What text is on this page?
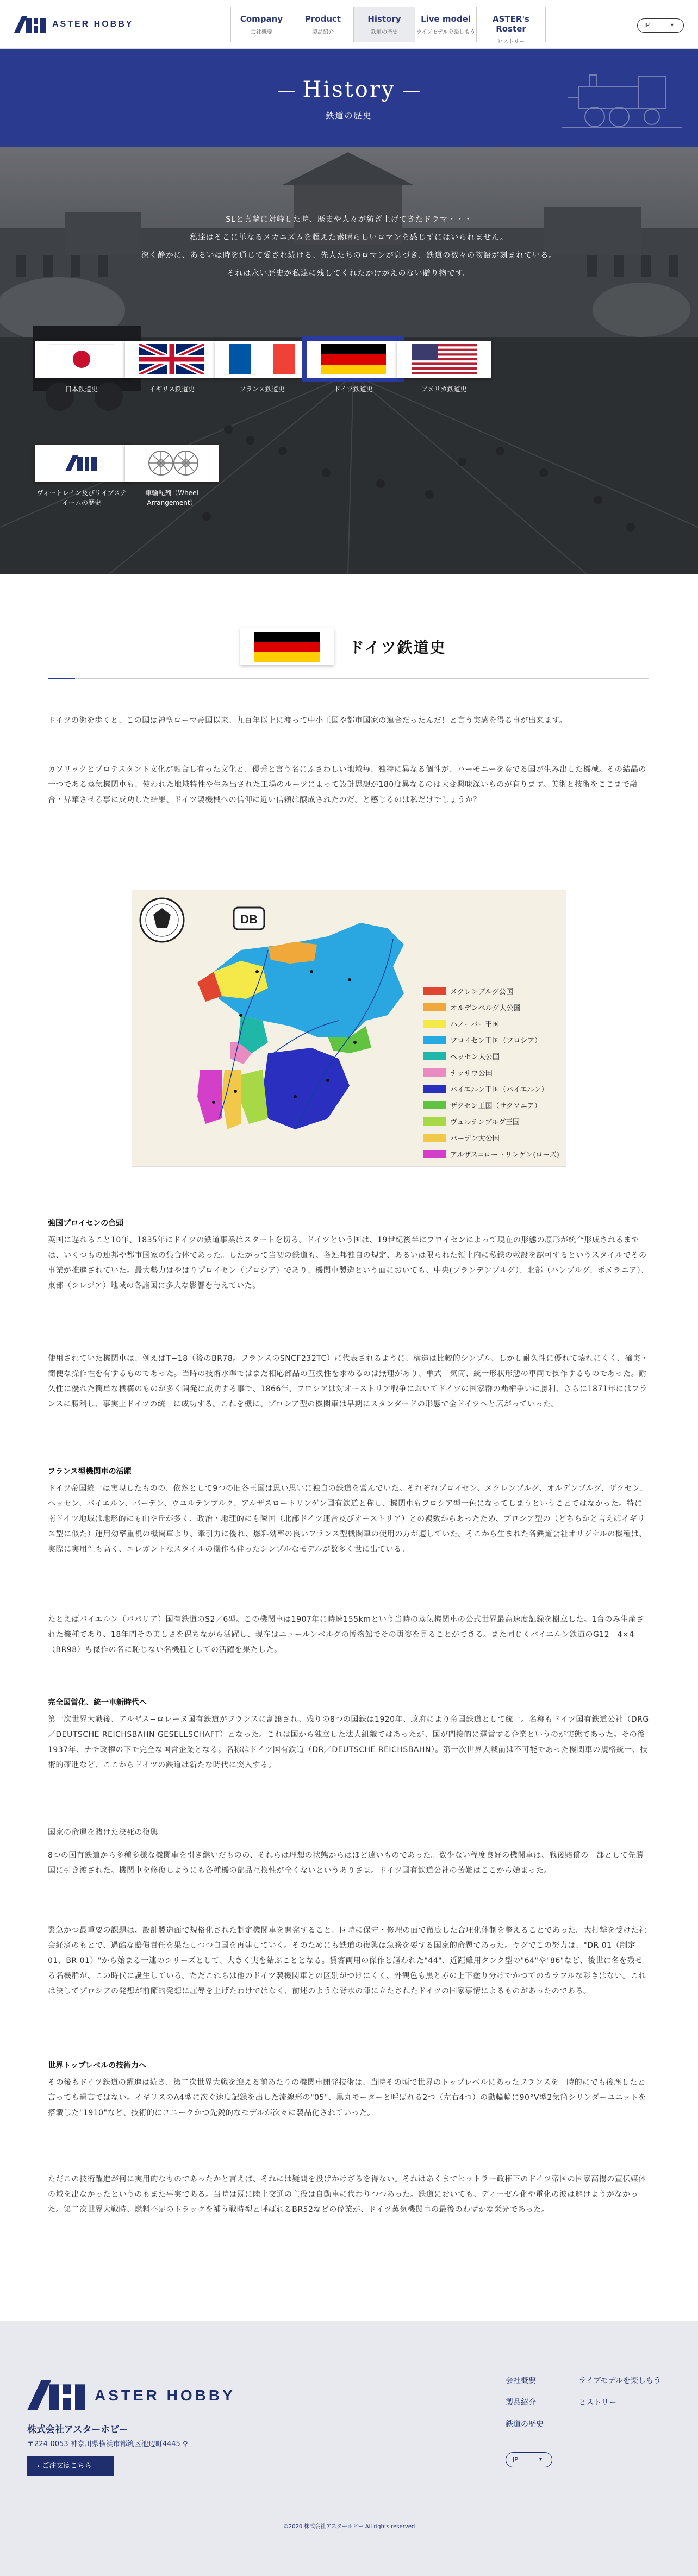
ASTER HOBBY
Company
会社概要
Product
製品紹介
History
鉄道の歴史
Live model
ライブモデルを楽しもう
ASTER's Roster
ヒストリー
JP ▾
History
鉄道の歴史
SLと真摯に対峙した時、歴史や人々が紡ぎ上げてきたドラマ・・・
私達はそこに単なるメカニズムを超えた素晴らしいロマンを感じずにはいられません。
深く静かに、あるいは時を通じて愛され続ける、先人たちのロマンが息づき、鉄道の数々の物語が刻まれている。
それは永い歴史が私達に残してくれたかけがえのない贈り物です。
日本鉄道史	イギリス鉄道史	フランス鉄道史	ドイツ鉄道史	アメリカ鉄道史
ヴィートレイン及びリイブステイームの歴史
車輪配列（Wheel Arrangement）
ドイツ鉄道史
ドイツの街を歩くと、この国は神聖ローマ帝国以来、九百年以上に渡って中小王国や都市国家の連合だったんだ！と言う実感を得る事が出来ます。
カソリックとプロテスタント文化が融合し有った文化と、優秀と言う名にふさわしい地域毎、独特に異なる個性が、ハーモニーを奏でる国が生み出した機械。その結晶の一つである蒸気機関車も、使われた地域特性や生み出された工場のルーツによって設計思想が180度異なるのは大変興味深いものが有ります。美術と技術をここまで融合・昇華させる事に成功した結果、ドイツ製機械への信仰に近い信頼は醸成されたのだ。と感じるのは私だけでしょうか？
DB
メクレンブルグ公国
オルデンベルグ大公国
ハノーバー王国
プロイセン王国（プロシア）
ヘッセン大公国
ナッサウ公国
バイエルン王国（バイエルン）
ザクセン王国（サクソニア）
ヴュルテンブルグ王国
バーデン大公国
アルザス=ロートリンゲン(ローズ)
強国プロイセンの台頭
英国に遅れること10年、1835年にドイツの鉄道事業はスタートを切る。ドイツという国は、19世紀後半にプロイセンによって現在の形態の原形が統合形成されるまでは、いくつもの連邦や都市国家の集合体であった。したがって当初の鉄道も、各連邦独自の規定、あるいは限られた領土内に私鉄の敷設を認可するというスタイルでその事業が推進されていた。最大勢力はやはりプロイセン（プロシア）であり、機関車製造という面においても、中央(ブランデンブルグ）、北部（ハンブルグ、ポメラニア）、東部（シレジア）地域の各諸国に多大な影響を与えていた。
使用されていた機関車は、例えばT−18（後のBR78。フランスのSNCF232TC）に代表されるように、構造は比較的シンプル、しかし耐久性に優れて壊れにくく、確実・簡便な操作性を有するものであった。当時の技術水準ではまだ相応部品の互換性を求めるのは無理があり、単式二気筒、統一形状形態の車両で操作するものであった。耐久性に優れた簡単な機構のものが多く開発に成功する事で、1866年、プロシアは対オーストリア戦争においてドイツの国家群の覇権争いに勝利、さらに1871年にはフランスに勝利し、事実上ドイツの統一に成功する。これを機に、プロシア型の機関車は早期にスタンダードの形態で全ドイツへと広がっていった。
フランス型機関車の活躍
ドイツ帝国統一は実現したものの、依然として9つの旧各王国は思い思いに独自の鉄道を営んでいた。それぞれプロイセン、メクレンブルグ、オルデンブルグ、ザクセン、ヘッセン、バイエルン、バーデン、ウユルテンブルク、アルザスロートリンゲン国有鉄道と称し、機関車もフロシア型一色になってしまうということではなかった。特に南ドイツ地域は地形的にも山や丘が多く、政治・地理的にも隣国（北部ドイツ連合及びオーストリア）との複数からあったため、プロシア型の（どちらかと言えばイギリス型に似た）運用効率重視の機関車より、牽引力に優れ、燃料効率の良いフランス型機関車の使用の方が適していた。そこから生まれた各鉄道会社オリジナルの機種は、実際に実用性も高く、エレガントなスタイルの操作も伴ったシンプルなモデルが数多く世に出ている。
たとえばバイエルン（バパリア）国有鉄道のS2／6型。この機関車は1907年に時速155kmという当時の蒸気機関車の公式世界最高速度記録を樹立した。1台のみ生産された機種であり、18年間その美しさを保ちながら活躍し、現在はニュールンベルグの博物館でその勇姿を見ることができる。また同じくバイエルン鉄道のG12　4×4（BR98）も傑作の名に恥じない名機種としての活躍を果たした。
完全国営化、統一車新時代へ
第一次世界大戦後、アルザス−ロレーヌ国有鉄道がフランスに割譲され、残りの8つの国鉄は1920年、政府により帝国鉄道として統一。名称もドイツ国有鉄道公社（DRG／DEUTSCHE REICHSBAHN GESELLSCHAFT）となった。これは国から独立した法人組織ではあったが、国が間接的に運営する企業というのが実態であった。その後1937年、ナチ政権の下で完全な国営企業となる。名称はドイツ国有鉄道（DR／DEUTSCHE REICHSBAHN）。第一次世界大戦前は不可能であった機関車の規格統一、技術的確進など、ここからドイツの鉄道は新たな時代に突入する。
国家の命運を賭けた決死の復興
8つの国有鉄道から多種多様な機関車を引き継いだものの、それらは理想の状態からはほど遠いものであった。数少ない程度良好の機関車は、戦後賠償の一部として先勝国に引き渡された。機関車を修復しようにも各種機の部品互換性が全くないというありさま。ドイツ国有鉄道公社の苦難はここから始まった。
緊急かつ最重要の課題は、設計製造面で規格化された制定機関車を開発すること。同時に保守・修理の面で徹底した合理化体制を整えることであった。大打撃を受けた社会経済のもとで、過酷な賠償責任を果たしつつ自国を再建していく。そのためにも鉄道の復興は急務を要する国家的命題であった。ヤグでこの努力は、"DR 01（制定01、BR 01）"から始まる一連のシリーズとして、大きく実を結ぶこととなる。賃客両用の傑作と謳われた"44"、近距離用タンク型の"64"や"86"など、後世に名を残せる名機群が、この時代に誕生している。ただこれらは他のドイツ製機関車との区別がつけにくく、外観色も黒と赤の上下塗り分けでかつてのカラフルな彩きはない。これは決してプロシアの発想が前節的発想に屈辱を上げたわけではなく、前述のような背水の陣に立たされたドイツの国家事情によるものがあったのである。
世界トップレベルの技術力へ
その後もドイツ鉄道の躍進は続き、第二次世界大戦を迎える前あたりの機関車開発技術は、当時その頃で世界のトップレベルにあったフランスを一時的にでも後塵したと言っても過言ではない。イギリスのA4型に次ぐ速度記録を出した流線形の"05"、黒丸モーターと呼ばれる2つ（左右4つ）の動輪輪に90°V型2気筒シリンダーユニットを搭載した"1910"など、技術的にユニークかつ先鋭的なモデルが次々に製品化されていった。
ただこの技術躍進が何に実用的なものであったかと言えば、それには疑問を投げかけざるを得ない。それはあくまでヒットラー政権下のドイツ帝国の国家高揚の宣伝媒体の域を出なかったというのもまた事実である。当時は既に陸上交通の主役は自動車に代わりつつあった。鉄道においても、ディーゼル化や電化の波は避けようがなかった。第二次世界大戦時、燃料不足のトラックを補う戦時型と呼ばれるBR52などの偉業が、ドイツ蒸気機関車の最後のわずかな栄光であった。
ASTER HOBBY
株式会社アスターホビー
〒224-0053 神奈川県横浜市都筑区池辺町4445 ⚲
› ご注文はこちら
会社概要	ライブモデルを楽しもう
製品紹介	ヒストリー
鉄道の歴史
JP ▾
©2020 株式会社アスターホビー All rights reserved
